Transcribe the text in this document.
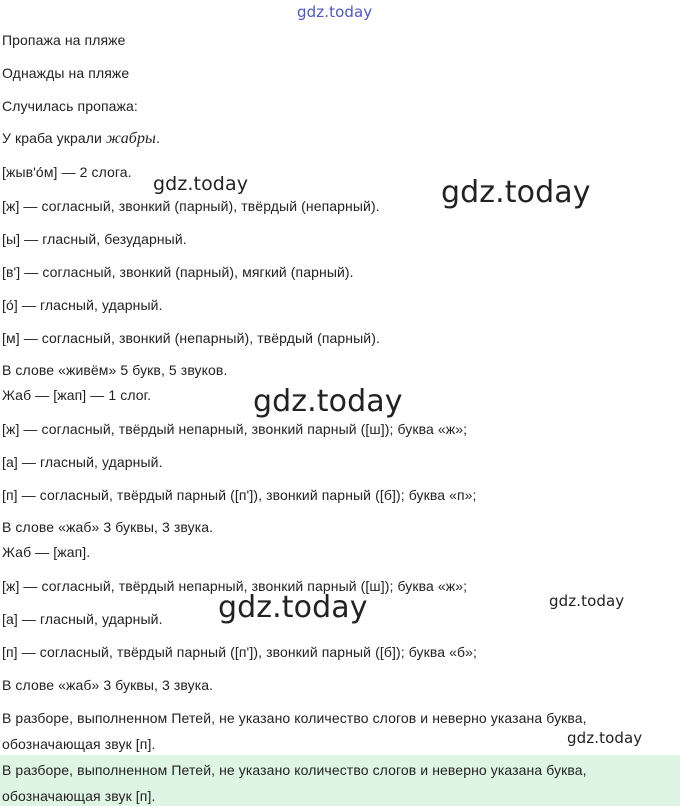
gdz.today
Пропажа на пляже
Однажды на пляже
Случилась пропажа:
У краба украли жабры.
[жыв'о́м] — 2 слога.
[ж] — согласный, звонкий (парный), твёрдый (непарный).
[ы] — гласный, безударный.
[в'] — согласный, звонкий (парный), мягкий (парный).
[о́] — гласный, ударный.
[м] — согласный, звонкий (непарный), твёрдый (парный).
В слове «живём» 5 букв, 5 звуков.
Жаб — [жап] — 1 слог.
[ж] — согласный, твёрдый непарный, звонкий парный ([ш]); буква «ж»;
[а] — гласный, ударный.
[п] — согласный, твёрдый парный ([п']), звонкий парный ([б]); буква «п»;
В слове «жаб» 3 буквы, 3 звука.
Жаб — [жап].
[ж] — согласный, твёрдый непарный, звонкий парный ([ш]); буква «ж»;
[а] — гласный, ударный.
[п] — согласный, твёрдый парный ([п']), звонкий парный ([б]); буква «б»;
В слове «жаб» 3 буквы, 3 звука.
В разборе, выполненном Петей, не указано количество слогов и неверно указана буква,
обозначающая звук [п].
В разборе, выполненном Петей, не указано количество слогов и неверно указана буква,
обозначающая звук [п].
gdz.today	gdz.today
gdz.today
gdz.today	gdz.today
gdz.today
